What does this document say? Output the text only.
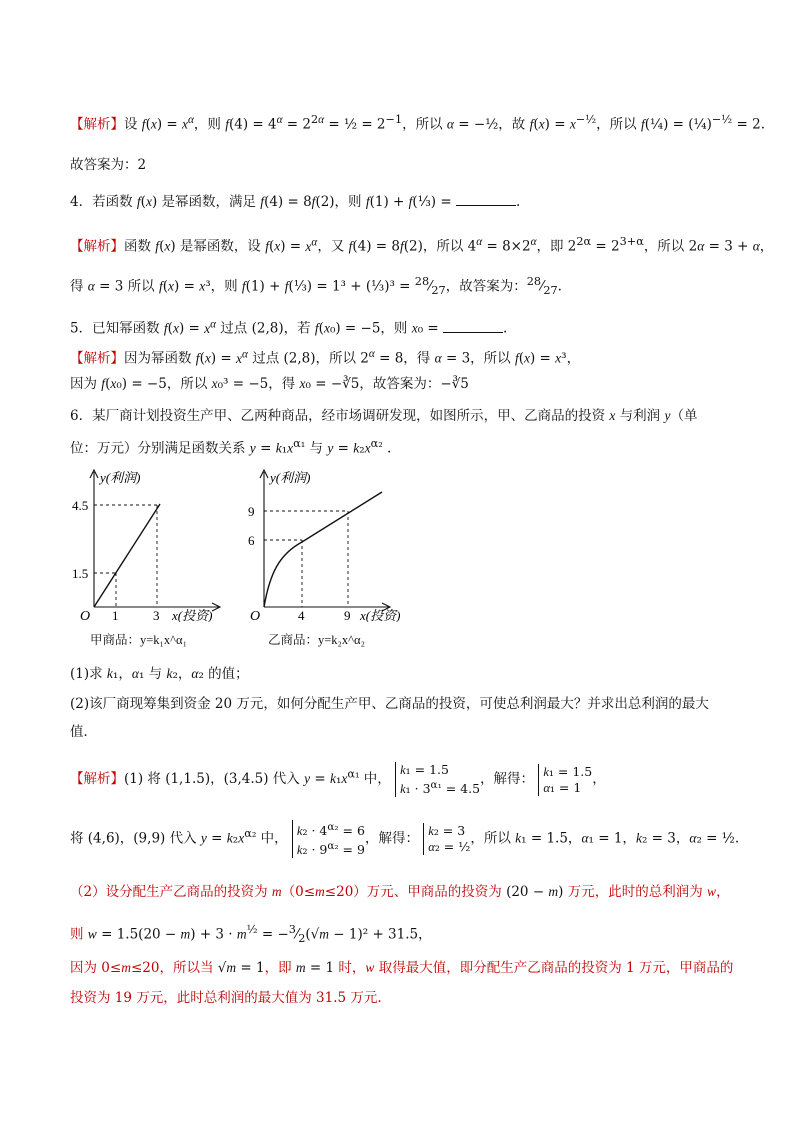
【解析】设 $f(x) = x^\alpha$，则 $f(4) = 4^\alpha = 2^{2\alpha}$ = ½ = $2^{-1}$，所以 α = −½，故 $f(x) = x^{-\frac{1}{2}}$，所以 f(¼) = (¼)$^{-\frac{1}{2}}$ = 2.
故答案为：2
4．若函数 f(x) 是幂函数，满足 f(4) = 8f(2)，则 f(1) + f(⅓) =	.
【解析】函数 f(x) 是幂函数，设 $f(x) = x^\alpha$，又 f(4) = 8f(2)，所以 $4^\alpha = 8\times 2^\alpha$，即 $2^{2\alpha} = 2^{3+\alpha}$，所以 2α = 3 + α，
得 α = 3 所以 f(x) = x³，则 f(1) + f(⅓) = 1³ + (⅓)³ = $^{28}⁄_{27}$，故答案为：$^{28}⁄_{27}$.
5．已知幂函数 $f(x) = x^\alpha$ 过点 (2,8)，若 f(x₀) = −5，则 x₀ =	.
【解析】因为幂函数 $f(x) = x^\alpha$ 过点 (2,8)，所以 $2^\alpha = 8$，得 α = 3，所以 f(x) = x³，
因为 f(x₀) = −5，所以 x₀³ = −5，得 x₀ = −∛5，故答案为：−∛5
6．某厂商计划投资生产甲、乙两种商品，经市场调研发现，如图所示，甲、乙商品的投资 x 与利润 y（单
位：万元）分别满足函数关系 $y = k_1x^{\alpha_1}$ 与 $y = k_2x^{\alpha_2}$ .
y(利润)
4.5
1.5
O 1	3 x(投资)
甲商品：y=k₁x^α₁
y(利润)
9
6
O	4	9 x(投资)
乙商品：y=k₂x^α₂
(1)求 k₁，α₁ 与 k₂，α₂ 的值；
(2)该厂商现筹集到资金 20 万元，如何分配生产甲、乙商品的投资，可使总利润最大？并求出总利润的最大
值．
【解析】(1) 将 (1,1.5)，(3,4.5) 代入 $y = k_1x^{\alpha_1}$ 中， k₁ = 1.5
$k_1 \cdot 3^{\alpha_1} = 4.5$，解得： k₁ = 1.5
α₁ = 1 ，
将 (4,6)，(9,9) 代入 $y = k_2x^{\alpha_2}$ 中， $k_2 \cdot 4^{\alpha_2} = 6$
$k_2 \cdot 9^{\alpha_2} = 9$，解得： k₂ = 3
α₂ = ½，所以 k₁ = 1.5，α₁ = 1，k₂ = 3，α₂ = ½.
（2）设分配生产乙商品的投资为 m（0≤m≤20）万元、甲商品的投资为 (20 − m) 万元，此时的总利润为 w，
则 $w = 1.5(20 - m) + 3 \cdot m^{\frac{1}{2}}$ = $-^3⁄_2(√m - 1)^2 + 31.5$，
因为 0≤m≤20，所以当 √m = 1，即 m = 1 时，w 取得最大值，即分配生产乙商品的投资为 1 万元，甲商品的
投资为 19 万元，此时总利润的最大值为 31.5 万元.
